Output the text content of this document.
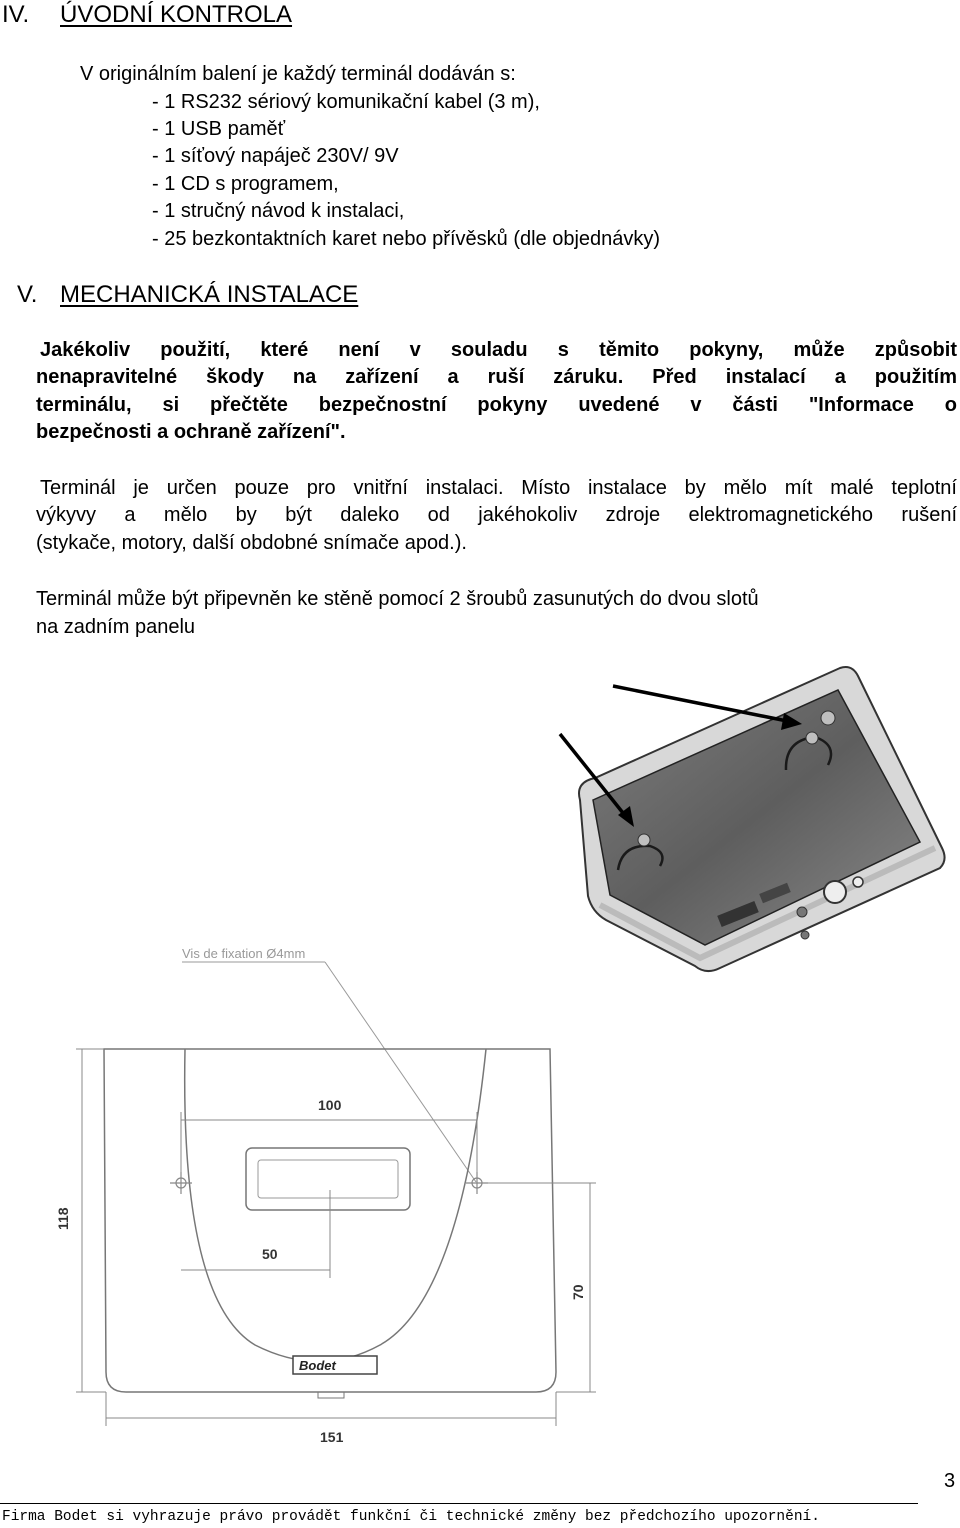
IV. ÚVODNÍ KONTROLA
V originálním balení je každý terminál dodáván s:
- 1 RS232 sériový komunikační kabel (3 m),
- 1 USB paměť
- 1 síťový napáječ 230V/ 9V
- 1 CD s programem,
- 1 stručný návod k instalaci,
- 25 bezkontaktních karet nebo přívěsků (dle objednávky)
V. MECHANICKÁ INSTALACE
Jakékoliv použití, které není v souladu s těmito pokyny, může způsobit
nenapravitelné škody na zařízení a ruší záruku. Před instalací a použitím
terminálu, si přečtěte bezpečnostní pokyny uvedené v části "Informace o
bezpečnosti a ochraně zařízení".
Terminál je určen pouze pro vnitřní instalaci. Místo instalace by mělo mít malé teplotní
výkyvy a mělo by být daleko od jakéhokoliv zdroje elektromagnetického rušení
(stykače, motory, další obdobné snímače apod.).
Terminál může být připevněn ke stěně pomocí 2 šroubů zasunutých do dvou slotů
na zadním panelu
Vis de fixation Ø4mm
100
50
118
70
151
Bodet
3
Firma Bodet si vyhrazuje právo provádět funkční či technické změny bez předchozího upozornění.
